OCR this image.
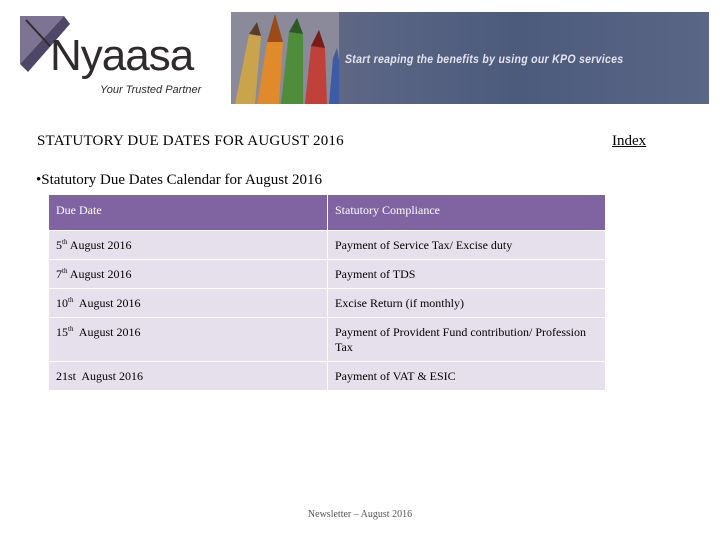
Nyaasa
Your Trusted Partner
Start reaping the benefits by using our KPO services
STATUTORY DUE DATES FOR AUGUST 2016	Index
•Statutory Due Dates Calendar for August 2016
Due Date	Statutory Compliance
5th August 2016	Payment of Service Tax/ Excise duty
7th August 2016	Payment of TDS
10th  August 2016	Excise Return (if monthly)
15th  August 2016	Payment of Provident Fund contribution/ Profession Tax
21st  August 2016	Payment of VAT & ESIC
Newsletter – August 2016
